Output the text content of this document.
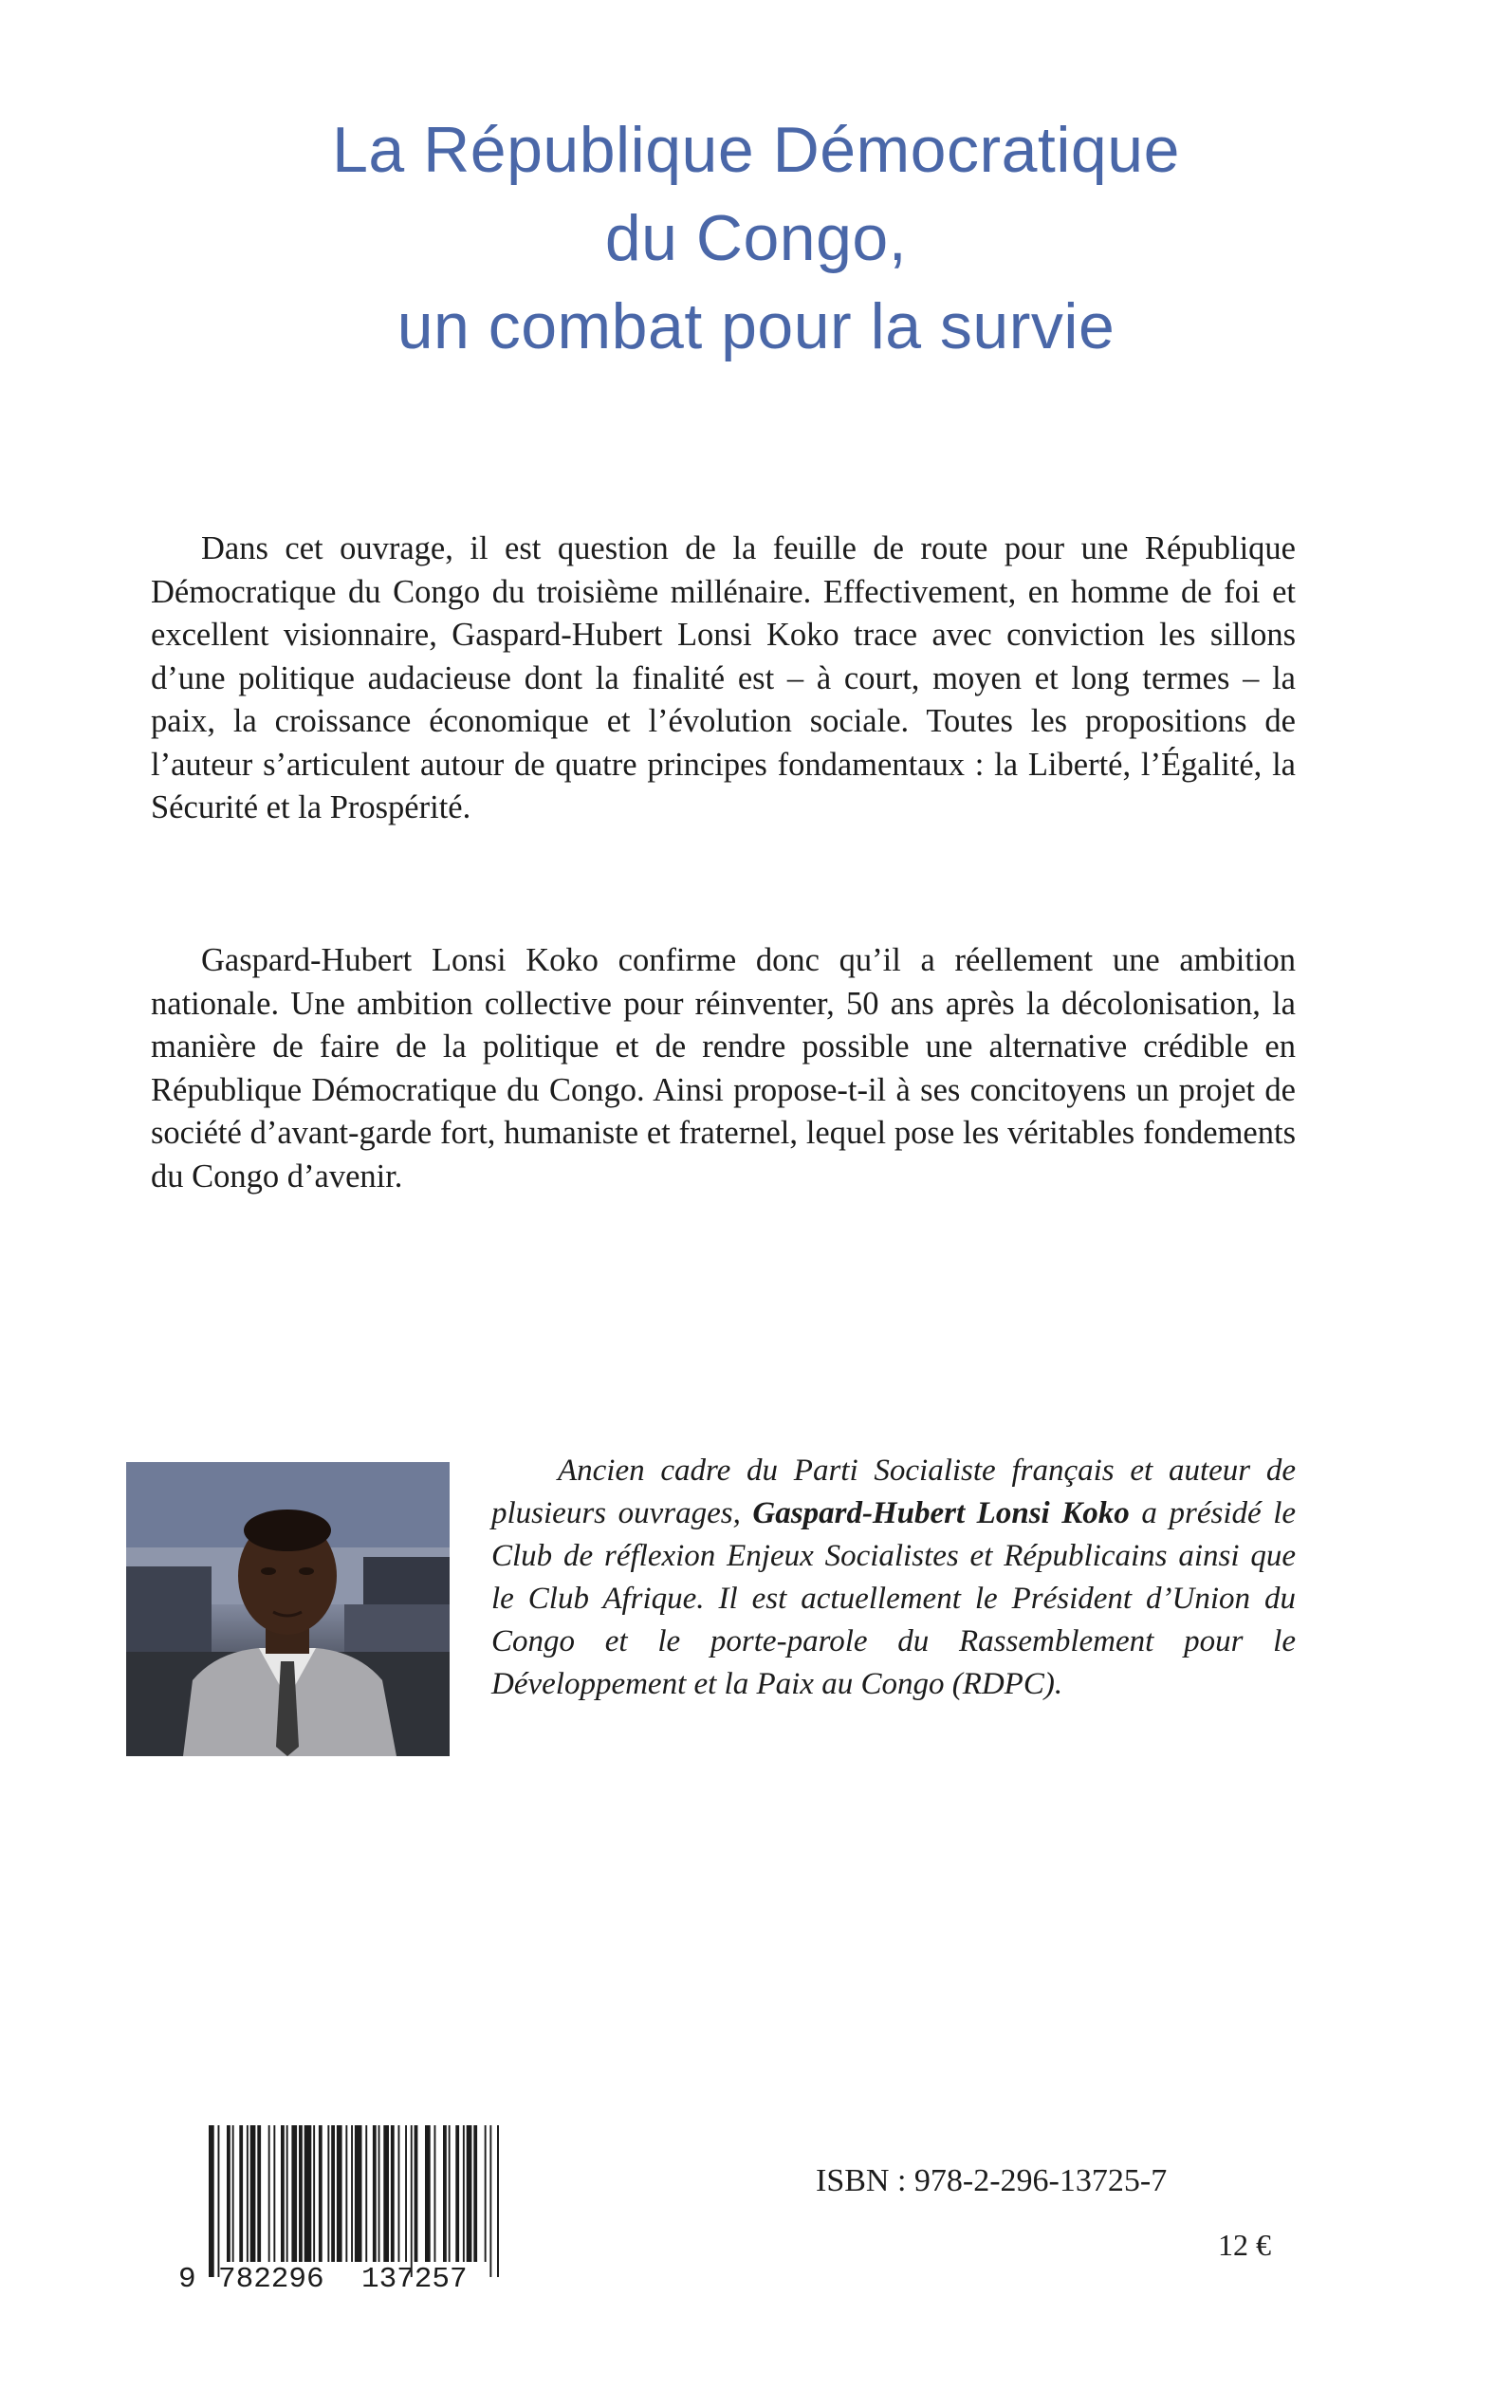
La République Démocratique
du Congo,
un combat pour la survie

Dans cet ouvrage, il est question de la feuille de route pour une République Démocratique du Congo du troisième millénaire. Effectivement, en homme de foi et excellent visionnaire, Gaspard-Hubert Lonsi Koko trace avec conviction les sillons d’une politique audacieuse dont la finalité est – à court, moyen et long termes – la paix, la croissance économique et l’évolution sociale. Toutes les propositions de l’auteur s’articulent autour de quatre principes fondamentaux : la Liberté, l’Égalité, la Sécurité et la Prospérité.

Gaspard-Hubert Lonsi Koko confirme donc qu’il a réellement une ambition nationale. Une ambition collective pour réinventer, 50 ans après la décolonisation, la manière de faire de la politique et de rendre possible une alternative crédible en République Démocratique du Congo. Ainsi propose-t-il à ses concitoyens un projet de société d’avant-garde fort, humaniste et fraternel, lequel pose les véritables fondements du Congo d’avenir.

Ancien cadre du Parti Socialiste français et auteur de plusieurs ouvrages, Gaspard-Hubert Lonsi Koko a présidé le Club de réflexion Enjeux Socialistes et Républicains ainsi que le Club Afrique. Il est actuellement le Président d’Union du Congo et le porte-parole du Rassemblement pour le Développement et la Paix au Congo (RDPC).

9 782296 137257
ISBN : 978-2-296-13725-7
12 €
